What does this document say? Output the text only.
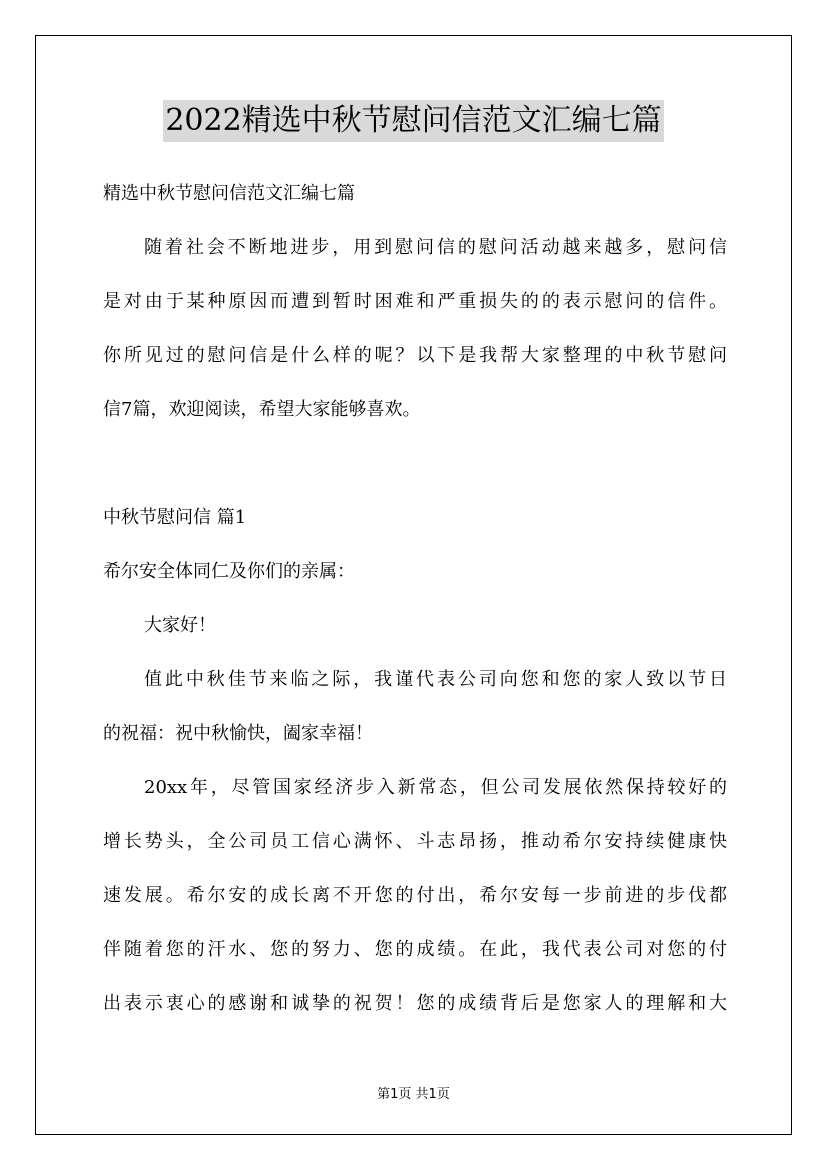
2022精选中秋节慰问信范文汇编七篇
精选中秋节慰问信范文汇编七篇
随着社会不断地进步，用到慰问信的慰问活动越来越多，慰问信
是对由于某种原因而遭到暂时困难和严重损失的的表示慰问的信件。
你所见过的慰问信是什么样的呢？以下是我帮大家整理的中秋节慰问
信7篇，欢迎阅读，希望大家能够喜欢。
中秋节慰问信 篇1
希尔安全体同仁及你们的亲属：
大家好！
值此中秋佳节来临之际，我谨代表公司向您和您的家人致以节日
的祝福：祝中秋愉快，阖家幸福！
20xx年，尽管国家经济步入新常态，但公司发展依然保持较好的
增长势头，全公司员工信心满怀、斗志昂扬，推动希尔安持续健康快
速发展。希尔安的成长离不开您的付出，希尔安每一步前进的步伐都
伴随着您的汗水、您的努力、您的成绩。在此，我代表公司对您的付
出表示衷心的感谢和诚挚的祝贺！您的成绩背后是您家人的理解和大
第1页 共1页
